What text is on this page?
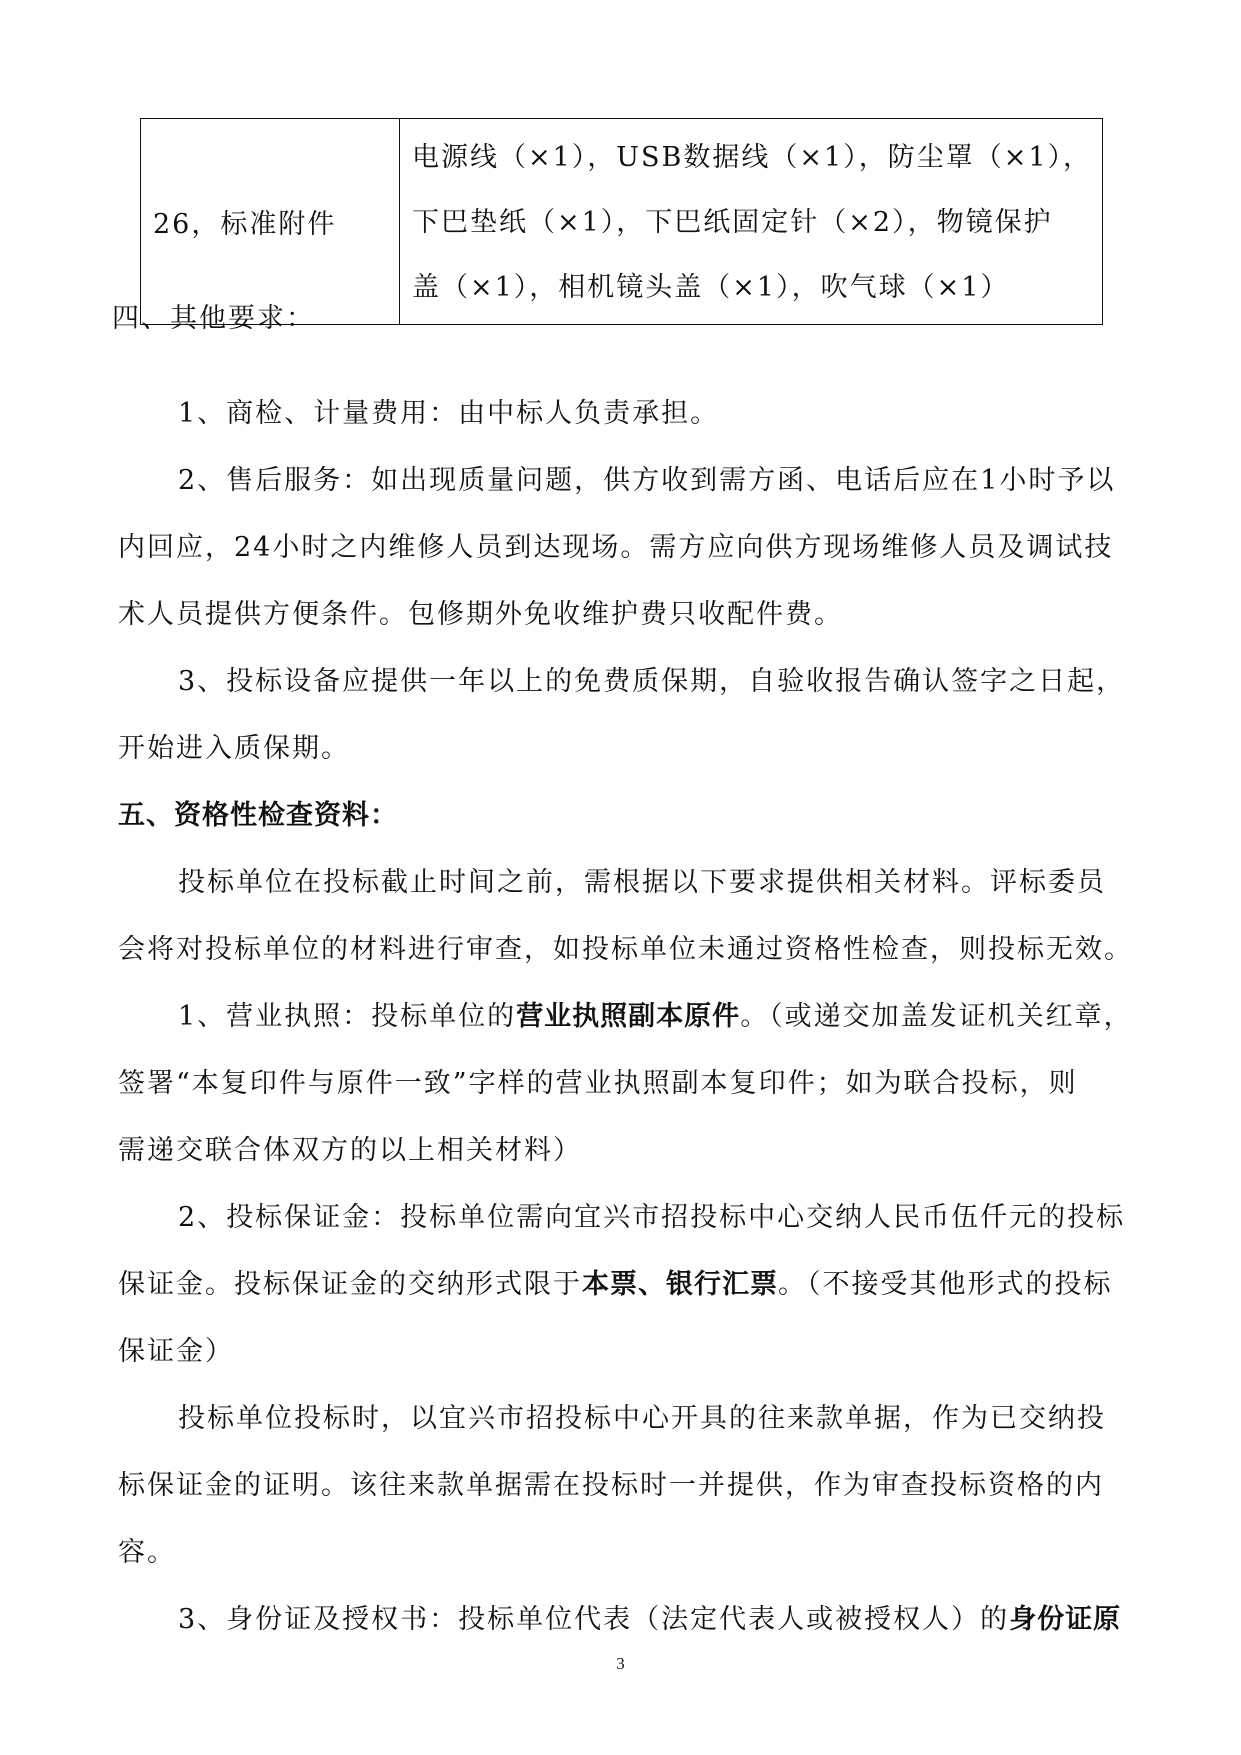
26，标准附件	
电源线（×1），USB数据线（×1），防尘罩（×1），
下巴垫纸（×1），下巴纸固定针（×2），物镜保护
盖（×1），相机镜头盖（×1），吹气球（×1）
四、其他要求：
1、商检、计量费用：由中标人负责承担。
2、售后服务：如出现质量问题，供方收到需方函、电话后应在1小时予以
内回应，24小时之内维修人员到达现场。需方应向供方现场维修人员及调试技
术人员提供方便条件。包修期外免收维护费只收配件费。
3、投标设备应提供一年以上的免费质保期，自验收报告确认签字之日起，
开始进入质保期。
五、资格性检查资料：
投标单位在投标截止时间之前，需根据以下要求提供相关材料。评标委员
会将对投标单位的材料进行审查，如投标单位未通过资格性检查，则投标无效。
1、营业执照：投标单位的营业执照副本原件。（或递交加盖发证机关红章，
签署“本复印件与原件一致”字样的营业执照副本复印件；如为联合投标，则
需递交联合体双方的以上相关材料）
2、投标保证金：投标单位需向宜兴市招投标中心交纳人民币伍仟元的投标
保证金。投标保证金的交纳形式限于本票、银行汇票。（不接受其他形式的投标
保证金）
投标单位投标时，以宜兴市招投标中心开具的往来款单据，作为已交纳投
标保证金的证明。该往来款单据需在投标时一并提供，作为审查投标资格的内
容。
3、身份证及授权书：投标单位代表（法定代表人或被授权人）的身份证原
3
